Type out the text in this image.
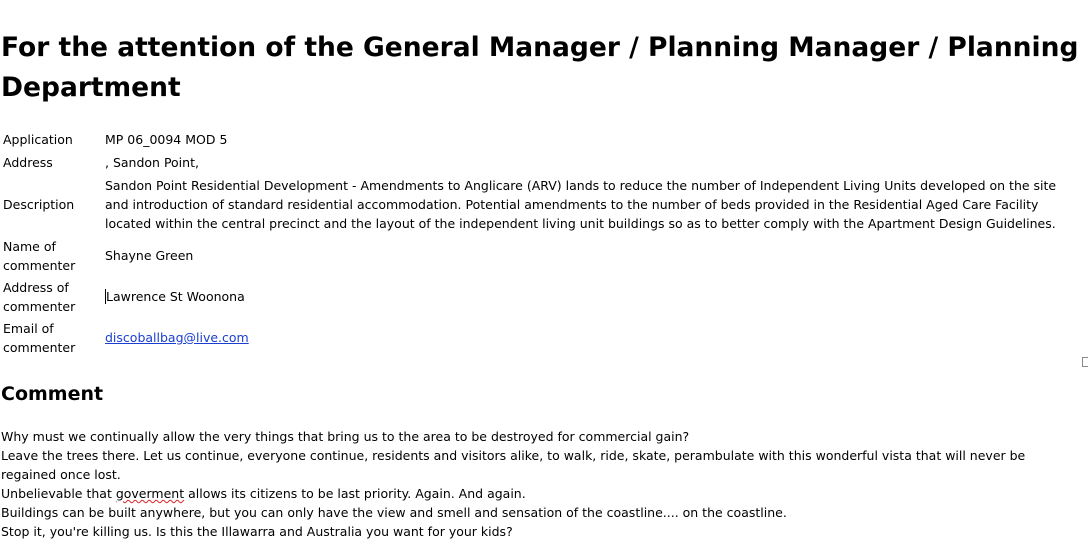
For the attention of the General Manager / Planning Manager / Planning Department
Application	MP 06_0094 MOD 5
Address	, Sandon Point,
Description	Sandon Point Residential Development - Amendments to Anglicare (ARV) lands to reduce the number of Independent Living Units developed on the site and introduction of standard residential accommodation. Potential amendments to the number of beds provided in the Residential Aged Care Facility located within the central precinct and the layout of the independent living unit buildings so as to better comply with the Apartment Design Guidelines.
Name of
commenter	Shayne Green
Address of
commenter	Lawrence St Woonona
Email of
commenter	discoballbag@live.com
Comment

Why must we continually allow the very things that bring us to the area to be destroyed for commercial gain?

Leave the trees there. Let us continue, everyone continue, residents and visitors alike, to walk, ride, skate, perambulate with this wonderful vista that will never be regained once lost.

Unbelievable that goverment allows its citizens to be last priority. Again. And again.

Buildings can be built anywhere, but you can only have the view and smell and sensation of the coastline.... on the coastline.

Stop it, you're killing us. Is this the Illawarra and Australia you want for your kids?
